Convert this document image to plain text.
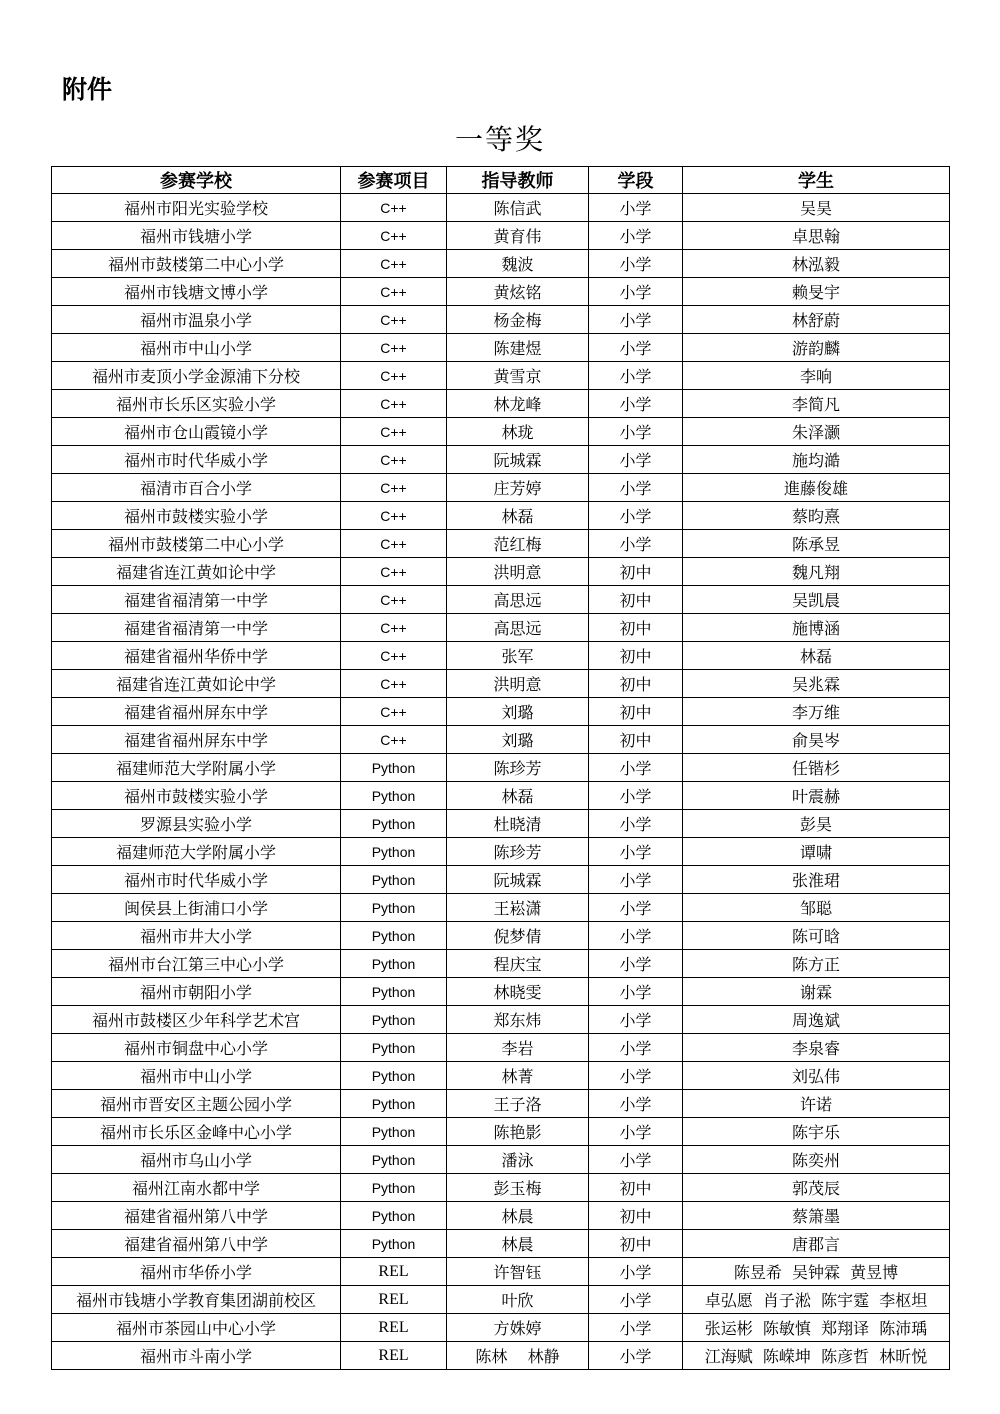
附件
一等奖
参赛学校	参赛项目	指导教师	学段	学生
福州市阳光实验学校	C++	陈信武	小学	吴昊
福州市钱塘小学	C++	黄育伟	小学	卓思翰
福州市鼓楼第二中心小学	C++	魏波	小学	林泓毅
福州市钱塘文博小学	C++	黄炫铭	小学	赖旻宇
福州市温泉小学	C++	杨金梅	小学	林舒蔚
福州市中山小学	C++	陈建煜	小学	游韵麟
福州市麦顶小学金源浦下分校	C++	黄雪京	小学	李响
福州市长乐区实验小学	C++	林龙峰	小学	李简凡
福州市仓山霞镜小学	C++	林珑	小学	朱泽灏
福州市时代华威小学	C++	阮城霖	小学	施均澔
福清市百合小学	C++	庄芳婷	小学	進藤俊雄
福州市鼓楼实验小学	C++	林磊	小学	蔡昀熹
福州市鼓楼第二中心小学	C++	范红梅	小学	陈承昱
福建省连江黄如论中学	C++	洪明意	初中	魏凡翔
福建省福清第一中学	C++	高思远	初中	吴凯晨
福建省福清第一中学	C++	高思远	初中	施博涵
福建省福州华侨中学	C++	张军	初中	林磊
福建省连江黄如论中学	C++	洪明意	初中	吴兆霖
福建省福州屏东中学	C++	刘璐	初中	李万维
福建省福州屏东中学	C++	刘璐	初中	俞昊岑
福建师范大学附属小学	Python	陈珍芳	小学	任锴杉
福州市鼓楼实验小学	Python	林磊	小学	叶震赫
罗源县实验小学	Python	杜晓清	小学	彭昊
福建师范大学附属小学	Python	陈珍芳	小学	谭啸
福州市时代华威小学	Python	阮城霖	小学	张淮珺
闽侯县上街浦口小学	Python	王崧潇	小学	邹聪
福州市井大小学	Python	倪梦倩	小学	陈可晗
福州市台江第三中心小学	Python	程庆宝	小学	陈方正
福州市朝阳小学	Python	林晓雯	小学	谢霖
福州市鼓楼区少年科学艺术宫	Python	郑东炜	小学	周逸斌
福州市铜盘中心小学	Python	李岩	小学	李泉睿
福州市中山小学	Python	林菁	小学	刘弘伟
福州市晋安区主题公园小学	Python	王子洛	小学	许诺
福州市长乐区金峰中心小学	Python	陈艳影	小学	陈宇乐
福州市乌山小学	Python	潘泳	小学	陈奕州
福州江南水都中学	Python	彭玉梅	初中	郭茂辰
福建省福州第八中学	Python	林晨	初中	蔡箫墨
福建省福州第八中学	Python	林晨	初中	唐郡言
福州市华侨小学	REL	许智钰	小学	陈昱希  吴钟霖  黄昱博
福州市钱塘小学教育集团湖前校区	REL	叶欣	小学	卓弘愿  肖子淞  陈宇霆  李枢坦
福州市茶园山中心小学	REL	方姝婷	小学	张运彬  陈敏慎  郑翔译  陈沛瑀
福州市斗南小学	REL	陈林    林静	小学	江海赋  陈嵘坤  陈彦哲  林昕悦
